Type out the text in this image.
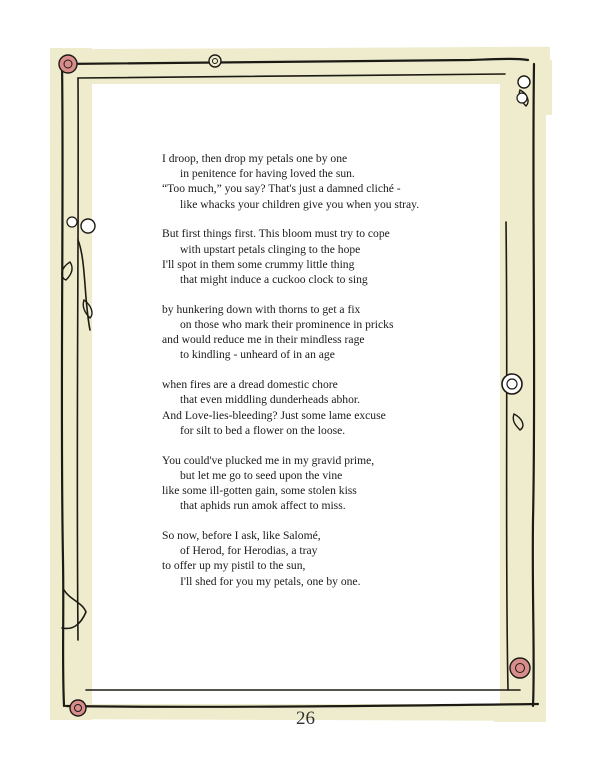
I droop, then drop my petals one by one
in penitence for having loved the sun.
“Too much,” you say? That's just a damned cliché -
like whacks your children give you when you stray.
But first things first. This bloom must try to cope
with upstart petals clinging to the hope
I'll spot in them some crummy little thing
that might induce a cuckoo clock to sing
by hunkering down with thorns to get a fix
on those who mark their prominence in pricks
and would reduce me in their mindless rage
to kindling - unheard of in an age
when fires are a dread domestic chore
that even middling dunderheads abhor.
And Love-lies-bleeding? Just some lame excuse
for silt to bed a flower on the loose.
You could've plucked me in my gravid prime,
but let me go to seed upon the vine
like some ill-gotten gain, some stolen kiss
that aphids run amok affect to miss.
So now, before I ask, like Salomé,
of Herod, for Herodias, a tray
to offer up my pistil to the sun,
I'll shed for you my petals, one by one.
26
